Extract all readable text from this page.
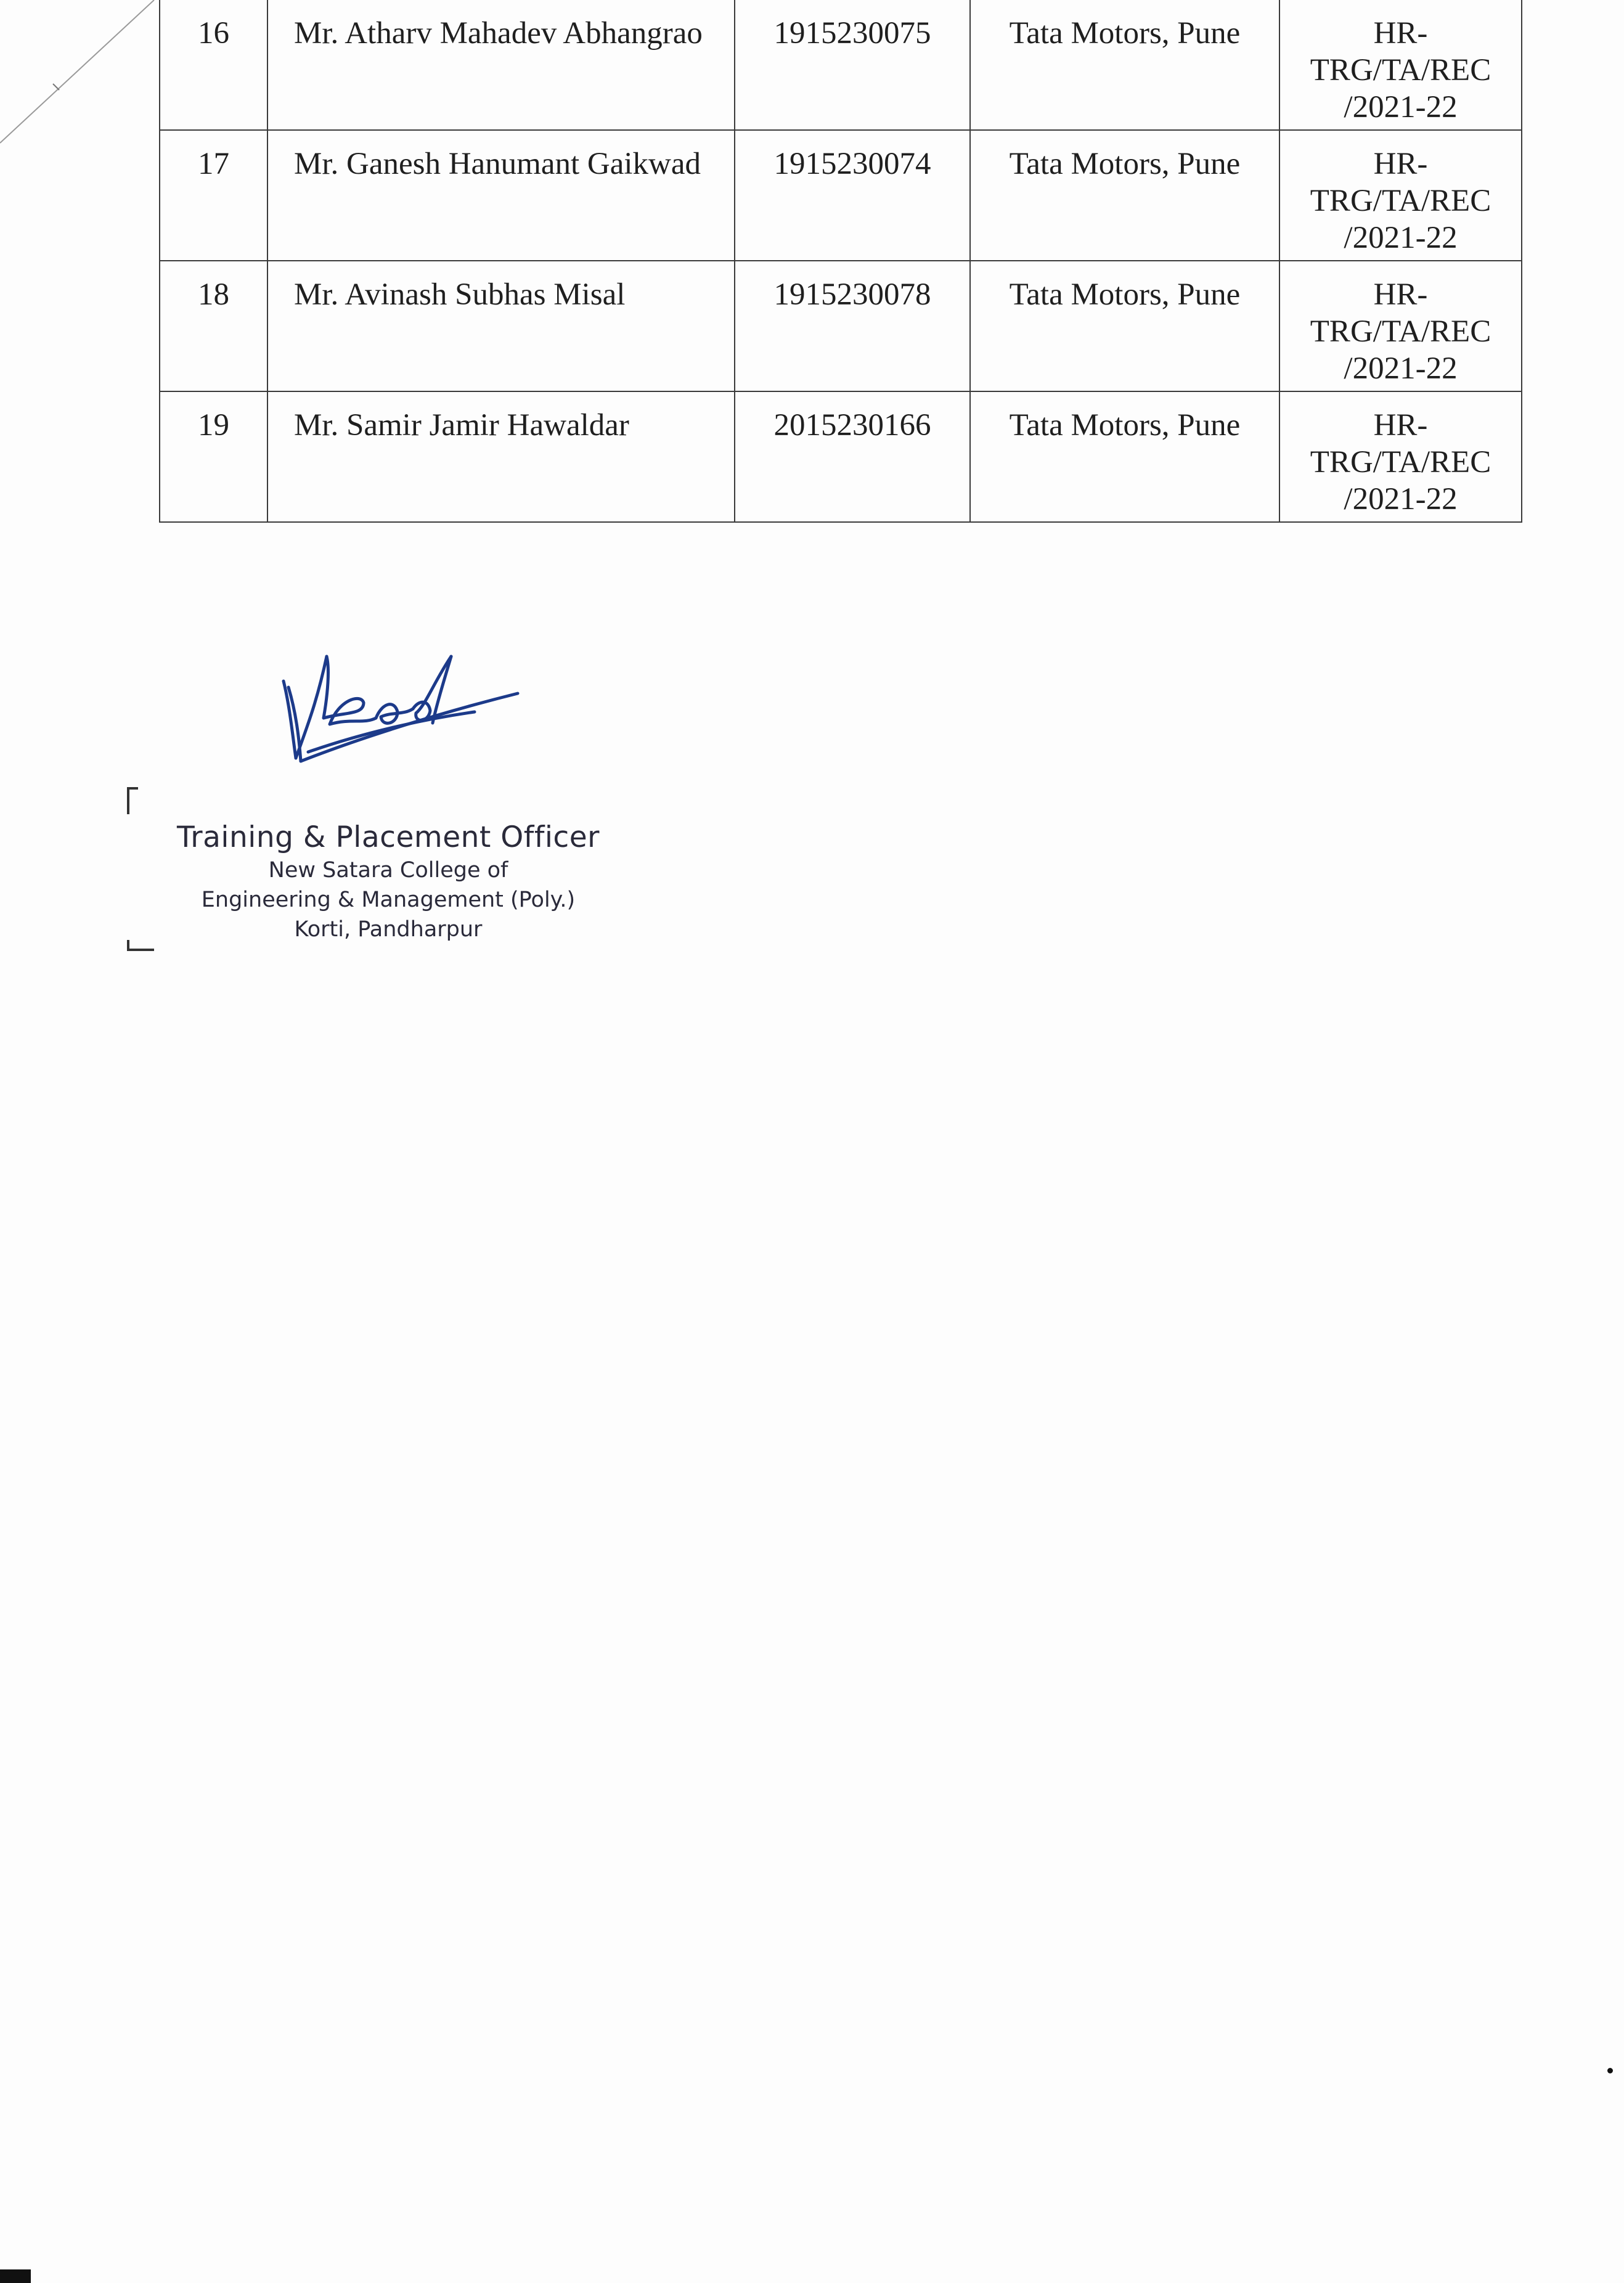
16	Mr. Atharv Mahadev Abhangrao	1915230075	Tata Motors, Pune	HR-TRG/TA/REC /2021-22
17	Mr. Ganesh Hanumant Gaikwad	1915230074	Tata Motors, Pune	HR-TRG/TA/REC /2021-22
18	Mr. Avinash Subhas Misal	1915230078	Tata Motors, Pune	HR-TRG/TA/REC /2021-22
19	Mr. Samir Jamir Hawaldar	2015230166	Tata Motors, Pune	HR-TRG/TA/REC /2021-22
Training & Placement Officer
New Satara College of
Engineering & Management (Poly.)
Korti, Pandharpur
